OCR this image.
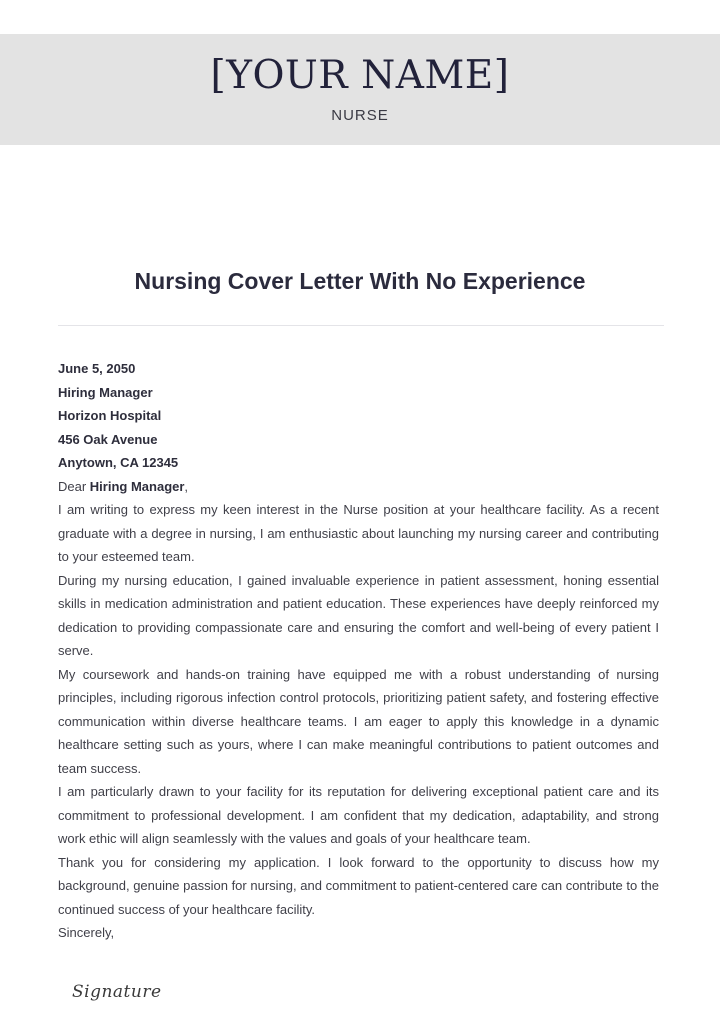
[YOUR NAME]
NURSE
Nursing Cover Letter With No Experience

June 5, 2050

Hiring Manager

Horizon Hospital

456 Oak Avenue

Anytown, CA 12345

Dear Hiring Manager,

I am writing to express my keen interest in the Nurse position at your healthcare facility. As a recent graduate with a degree in nursing, I am enthusiastic about launching my nursing career and contributing to your esteemed team.

During my nursing education, I gained invaluable experience in patient assessment, honing essential skills in medication administration and patient education. These experiences have deeply reinforced my dedication to providing compassionate care and ensuring the comfort and well-being of every patient I serve.

My coursework and hands-on training have equipped me with a robust understanding of nursing principles, including rigorous infection control protocols, prioritizing patient safety, and fostering effective communication within diverse healthcare teams. I am eager to apply this knowledge in a dynamic healthcare setting such as yours, where I can make meaningful contributions to patient outcomes and team success.

I am particularly drawn to your facility for its reputation for delivering exceptional patient care and its commitment to professional development. I am confident that my dedication, adaptability, and strong work ethic will align seamlessly with the values and goals of your healthcare team.

Thank you for considering my application. I look forward to the opportunity to discuss how my background, genuine passion for nursing, and commitment to patient-centered care can contribute to the continued success of your healthcare facility.

Sincerely,

Signature
